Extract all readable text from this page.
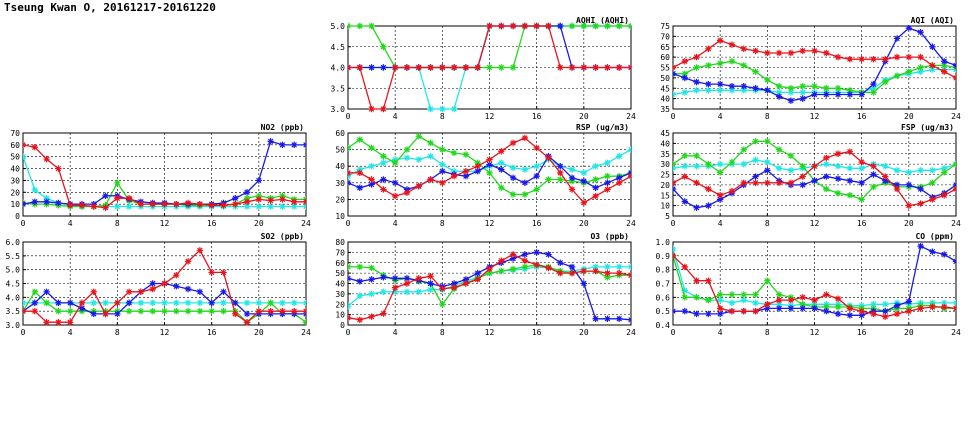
Tseung Kwan O, 20161217-20161220
0	4	8	12	16	20	24
3.0
3.5
4.0
4.5
5.0
AQHI (AQHI)
0	4	8	12	16	20	24
35
40
45
50
55
60
65
70
75
AQI (AQI)
0	4	8	12	16	20	24
0
10
20
30
40
50
60
70
NO2 (ppb)
0	4	8	12	16	20	24
10
20
30
40
50
60
RSP (ug/m3)
0	4	8	12	16	20	24
5
10
15
20
25
30
35
40
45
FSP (ug/m3)
0	4	8	12	16	20	24
3.0
3.5
4.0
4.5
5.0
5.5
6.0
SO2 (ppb)
0	4	8	12	16	20	24
0
10
20
30
40
50
60
70
80
O3 (ppb)
0	4	8	12	16	20	24
0.4
0.5
0.6
0.7
0.8
0.9
1.0
CO (ppm)
